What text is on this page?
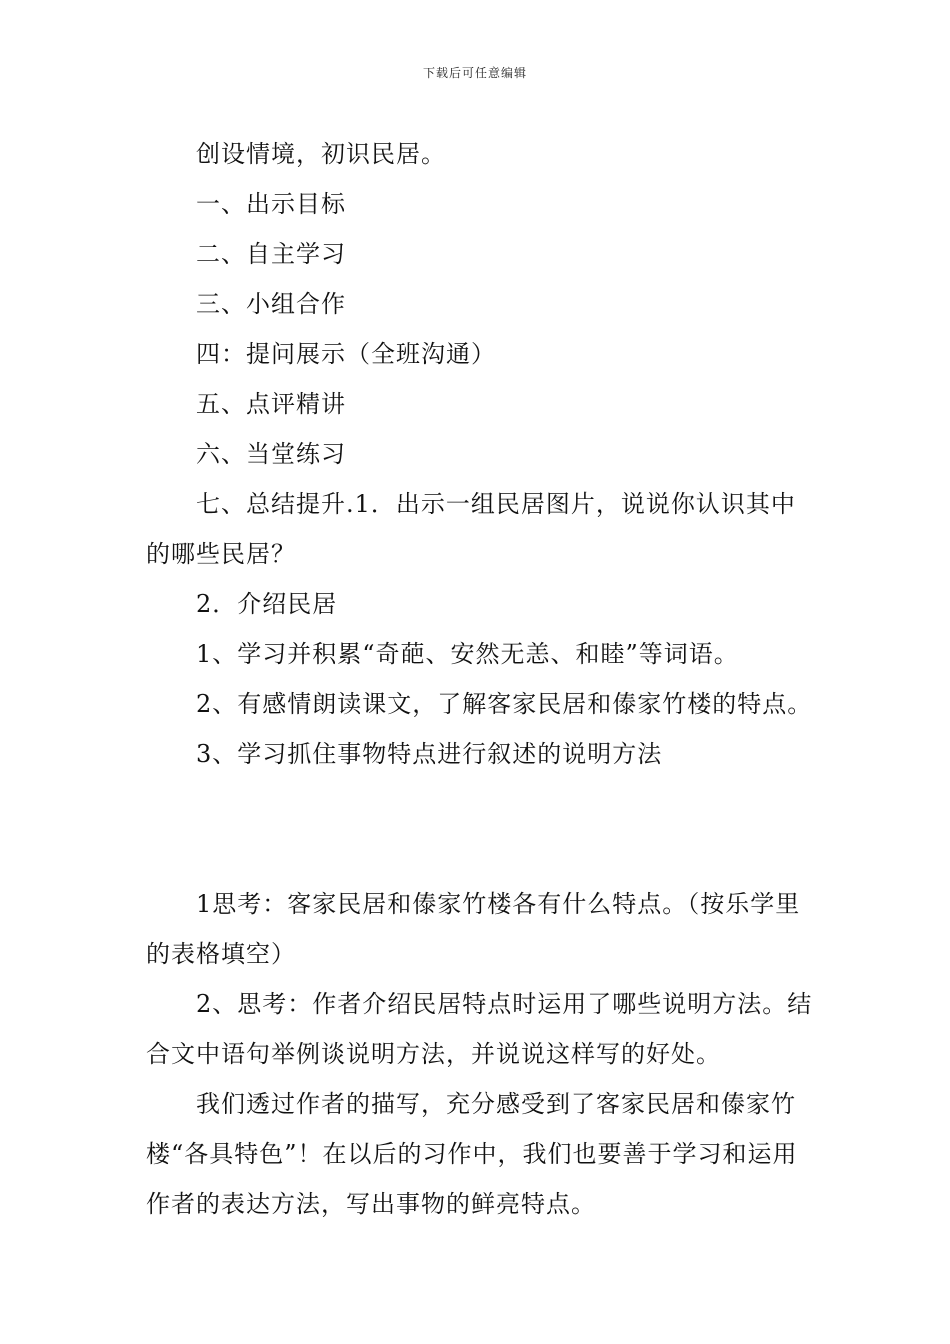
下载后可任意编辑

创设情境，初识民居。

一、出示目标

二、自主学习

三、小组合作

四：提问展示（全班沟通）

五、点评精讲

六、当堂练习

七、总结提升.1．出示一组民居图片，说说你认识其中的哪些民居？

2．介绍民居

1、学习并积累“奇葩、安然无恙、和睦”等词语。

2、有感情朗读课文，了解客家民居和傣家竹楼的特点。

3、学习抓住事物特点进行叙述的说明方法

1思考：客家民居和傣家竹楼各有什么特点。（按乐学里的表格填空）

2、思考：作者介绍民居特点时运用了哪些说明方法。结合文中语句举例谈说明方法，并说说这样写的好处。

我们透过作者的描写，充分感受到了客家民居和傣家竹楼“各具特色”！在以后的习作中，我们也要善于学习和运用作者的表达方法，写出事物的鲜亮特点。
